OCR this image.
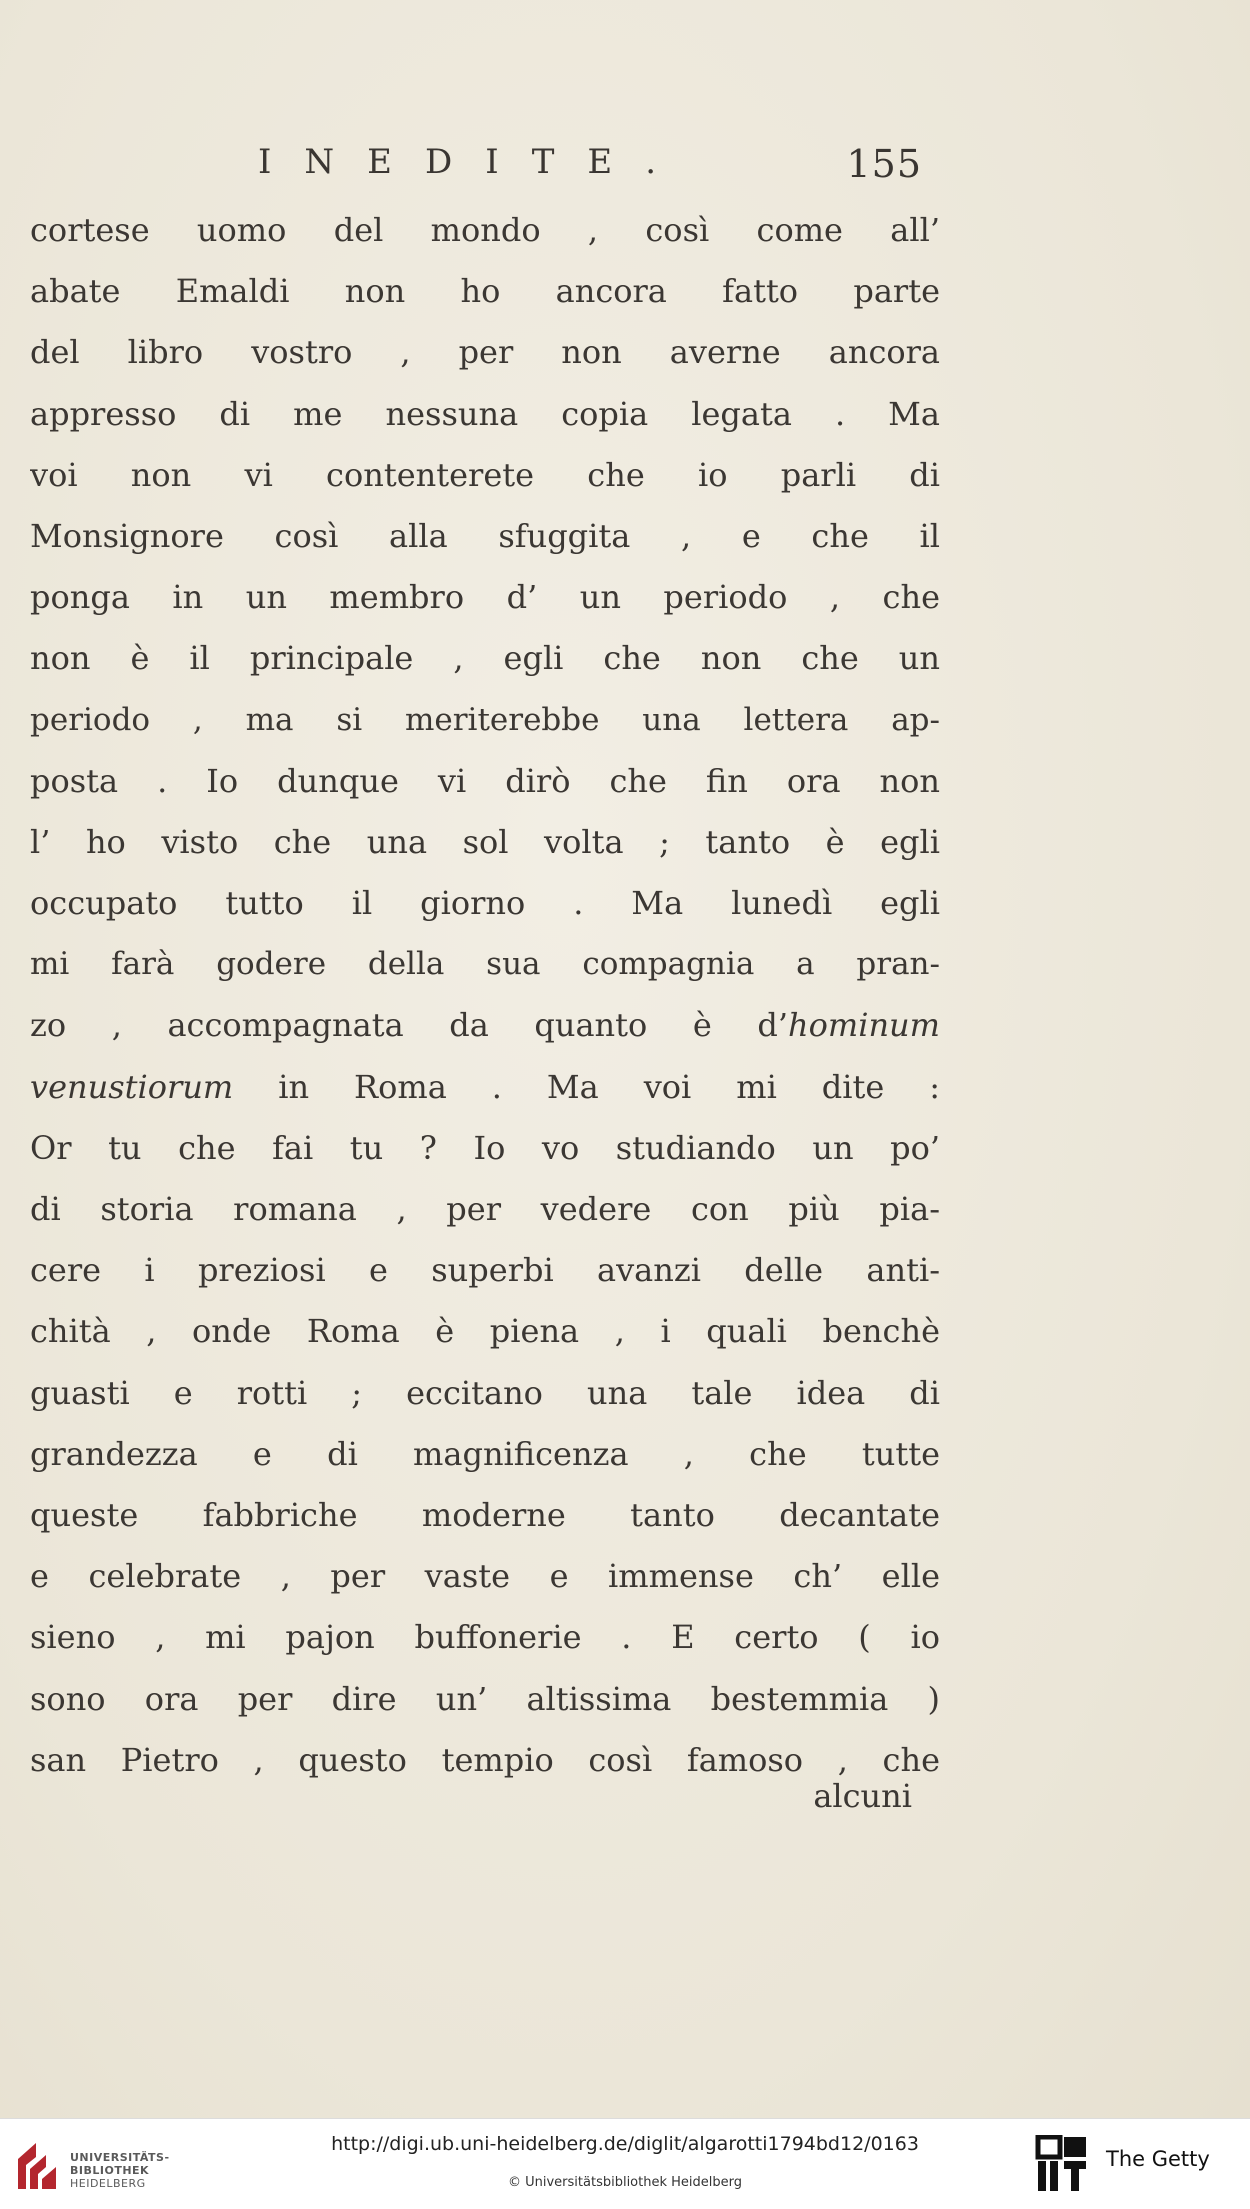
INEDITE.	155
cortese uomo del mondo , così come all’
abate Emaldi non ho ancora fatto parte
del libro vostro , per non averne ancora
appresso di me nessuna copia legata . Ma
voi non vi contenterete che io parli di
Monsignore così alla sfuggita , e che il
ponga in un membro d’ un periodo , che
non è il principale , egli che non che un
periodo , ma si meriterebbe una lettera ap-
posta . Io dunque vi dirò che fin ora non
l’ ho visto che una sol volta ; tanto è egli
occupato tutto il giorno . Ma lunedì egli
mi farà godere della sua compagnia a pran-
zo , accompagnata da quanto è d’hominum
venustiorum in Roma . Ma voi mi dite :
Or tu che fai tu ? Io vo studiando un po’
di storia romana , per vedere con più pia-
cere i preziosi e superbi avanzi delle anti-
chità , onde Roma è piena , i quali benchè
guasti e rotti ; eccitano una tale idea di
grandezza e di magnificenza , che tutte
queste fabbriche moderne tanto decantate
e celebrate , per vaste e immense ch’ elle
sieno , mi pajon buffonerie . E certo ( io
sono ora per dire un’ altissima bestemmia )
san Pietro , questo tempio così famoso , che
alcuni
UNIVERSITÄTS-
BIBLIOTHEK
HEIDELBERG
http://digi.ub.uni-heidelberg.de/diglit/algarotti1794bd12/0163
© Universitätsbibliothek Heidelberg
The Getty
